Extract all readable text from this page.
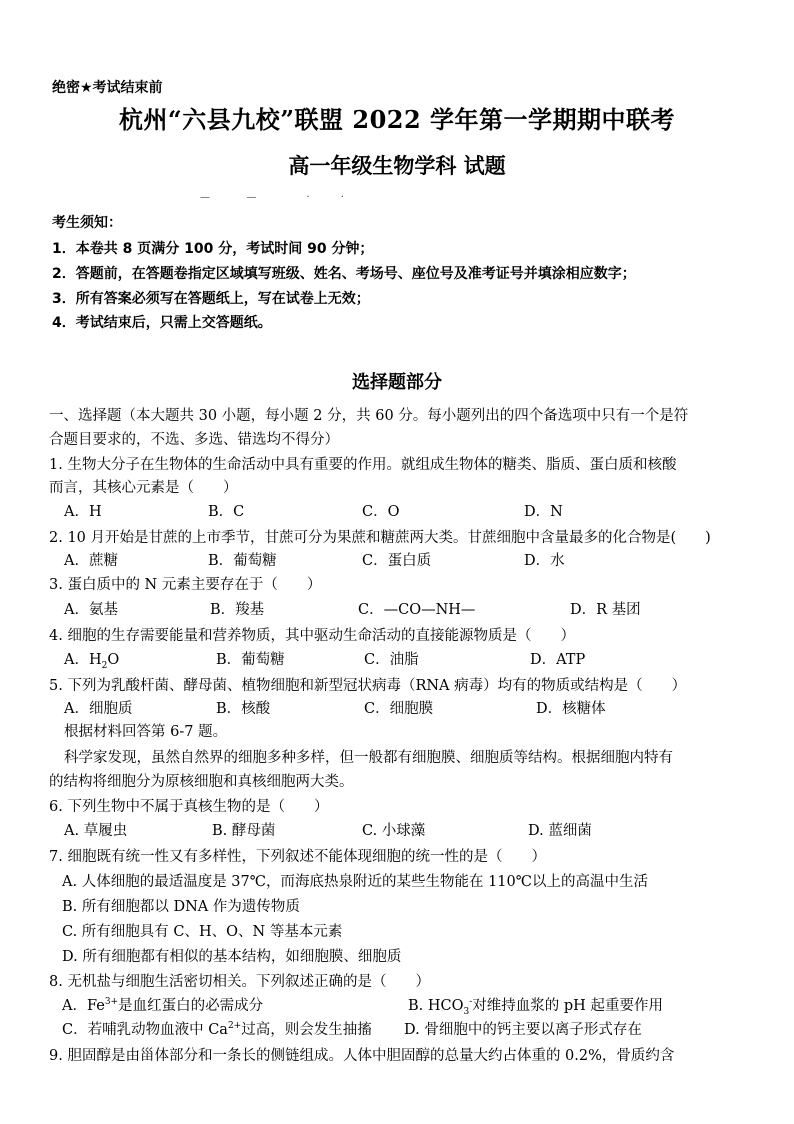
绝密★考试结束前
杭州“六县九校”联盟 2022 学年第一学期期中联考
高一年级生物学科 试题
—　 　 —　　　　·　　 ·
考生须知：
1．本卷共 8 页满分 100 分，考试时间 90 分钟；
2．答题前，在答题卷指定区域填写班级、姓名、考场号、座位号及准考证号并填涂相应数字；
3．所有答案必须写在答题纸上，写在试卷上无效；
4．考试结束后，只需上交答题纸。
选择题部分
一、选择题（本大题共 30 小题，每小题 2 分，共 60 分。每小题列出的四个备选项中只有一个是符
合题目要求的，不选、多选、错选均不得分）
1. 生物大分子在生物体的生命活动中具有重要的作用。就组成生物体的糖类、脂质、蛋白质和核酸
而言，其核心元素是（　　）
A．H	B．C	C．O	D．N
2. 10 月开始是甘蔗的上市季节，甘蔗可分为果蔗和糖蔗两大类。甘蔗细胞中含量最多的化合物是(　　)
A．蔗糖	B．葡萄糖	C．蛋白质	D．水
3. 蛋白质中的 N 元素主要存在于（　　）
A．氨基	B．羧基	C．—CO—NH—	D．R 基团
4. 细胞的生存需要能量和营养物质，其中驱动生命活动的直接能源物质是（　　）
A．$H_2O$	B．葡萄糖	C．油脂	D．ATP
5. 下列为乳酸杆菌、酵母菌、植物细胞和新型冠状病毒（RNA 病毒）均有的物质或结构是（　　）
A．细胞质	B．核酸	C．细胞膜	D．核糖体
根据材料回答第 6-7 题。
科学家发现，虽然自然界的细胞多种多样，但一般都有细胞膜、细胞质等结构。根据细胞内特有
的结构将细胞分为原核细胞和真核细胞两大类。
6. 下列生物中不属于真核生物的是（　　）
A. 草履虫	B. 酵母菌	C. 小球藻	D. 蓝细菌
7. 细胞既有统一性又有多样性，下列叙述不能体现细胞的统一性的是（　　）
A. 人体细胞的最适温度是 37℃，而海底热泉附近的某些生物能在 110℃以上的高温中生活
B. 所有细胞都以 DNA 作为遗传物质
C. 所有细胞具有 C、H、O、N 等基本元素
D. 所有细胞都有相似的基本结构，如细胞膜、细胞质
8. 无机盐与细胞生活密切相关。下列叙述正确的是（　　）
A．$Fe^{3+}$是血红蛋白的必需成分	B. $HCO_3^-$对维持血浆的 pH 起重要作用
C．若哺乳动物血液中 $Ca^{2+}$过高，则会发生抽搐 D. 骨细胞中的钙主要以离子形式存在
9. 胆固醇是由甾体部分和一条长的侧链组成。人体中胆固醇的总量大约占体重的 0.2%，骨质约含
